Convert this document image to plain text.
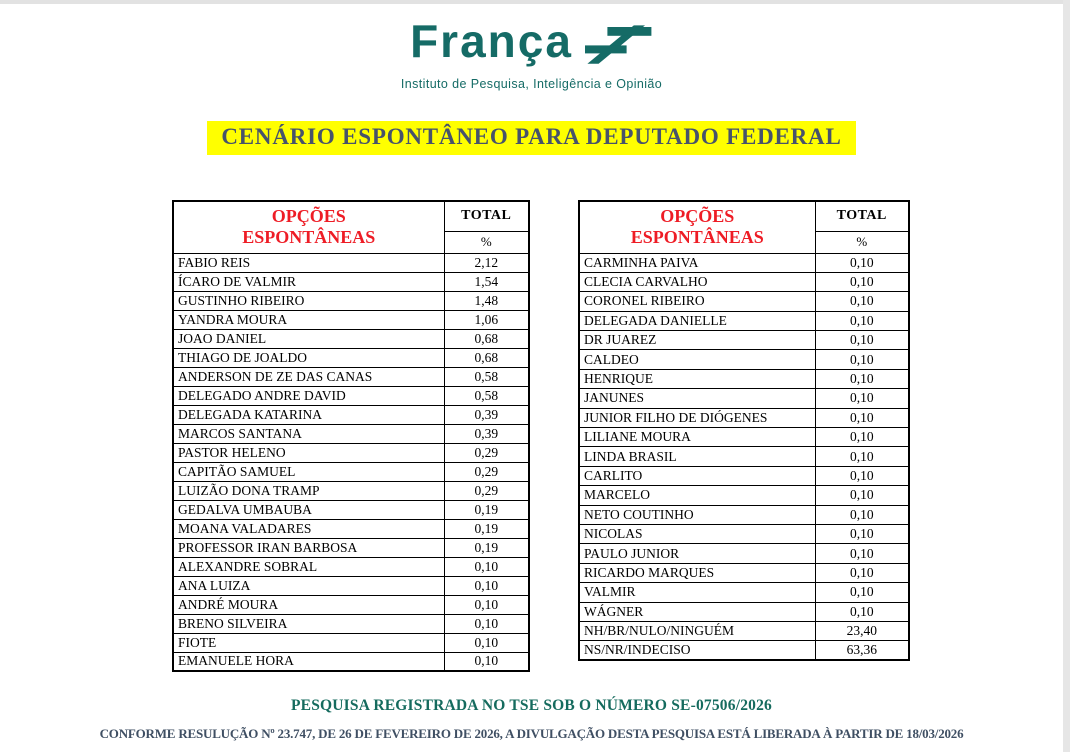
França
Instituto de Pesquisa, Inteligência e Opinião
CENÁRIO ESPONTÂNEO PARA DEPUTADO FEDERAL
OPÇÕES ESPONTÂNEAS	TOTAL
	%
FABIO REIS	2,12
ÍCARO DE VALMIR	1,54
GUSTINHO RIBEIRO	1,48
YANDRA MOURA	1,06
JOAO DANIEL	0,68
THIAGO DE JOALDO	0,68
ANDERSON DE ZE DAS CANAS	0,58
DELEGADO ANDRE DAVID	0,58
DELEGADA KATARINA	0,39
MARCOS SANTANA	0,39
PASTOR HELENO	0,29
CAPITÃO SAMUEL	0,29
LUIZÃO DONA TRAMP	0,29
GEDALVA UMBAUBA	0,19
MOANA VALADARES	0,19
PROFESSOR IRAN BARBOSA	0,19
ALEXANDRE SOBRAL	0,10
ANA LUIZA	0,10
ANDRÉ MOURA	0,10
BRENO SILVEIRA	0,10
FIOTE	0,10
EMANUELE HORA	0,10
OPÇÕES ESPONTÂNEAS	TOTAL
	%
CARMINHA PAIVA	0,10
CLECIA CARVALHO	0,10
CORONEL RIBEIRO	0,10
DELEGADA DANIELLE	0,10
DR JUAREZ	0,10
CALDEO	0,10
HENRIQUE	0,10
JANUNES	0,10
JUNIOR FILHO DE DIÓGENES	0,10
LILIANE MOURA	0,10
LINDA BRASIL	0,10
CARLITO	0,10
MARCELO	0,10
NETO COUTINHO	0,10
NICOLAS	0,10
PAULO JUNIOR	0,10
RICARDO MARQUES	0,10
VALMIR	0,10
WÁGNER	0,10
NH/BR/NULO/NINGUÉM	23,40
NS/NR/INDECISO	63,36
PESQUISA REGISTRADA NO TSE SOB O NÚMERO SE-07506/2026
CONFORME RESULUÇÃO Nº 23.747, DE 26 DE FEVEREIRO DE 2026, A DIVULGAÇÃO DESTA PESQUISA ESTÁ LIBERADA À PARTIR DE 18/03/2026
